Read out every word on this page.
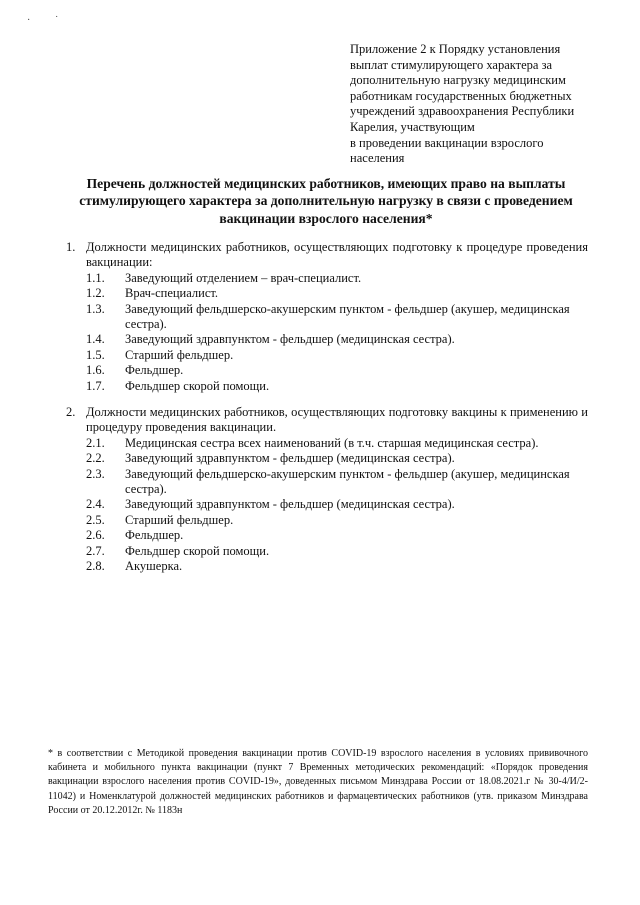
· ˙
Приложение 2 к Порядку установления
выплат стимулирующего характера за
дополнительную нагрузку медицинским
работникам государственных бюджетных
учреждений здравоохранения Республики
Карелия, участвующим
в проведении вакцинации взрослого
населения
Перечень должностей медицинских работников, имеющих право на выплаты
стимулирующего характера за дополнительную нагрузку в связи с проведением
вакцинации взрослого населения*
1. Должности медицинских работников, осуществляющих подготовку к процедуре проведения вакцинации:
1.1.	Заведующий отделением – врач-специалист.
1.2.	Врач-специалист.
1.3.	Заведующий фельдшерско-акушерским пунктом - фельдшер (акушер, медицинская сестра).
1.4.	Заведующий здравпунктом - фельдшер (медицинская сестра).
1.5.	Старший фельдшер.
1.6.	Фельдшер.
1.7.	Фельдшер скорой помощи.
2. Должности медицинских работников, осуществляющих подготовку вакцины к применению и процедуру проведения вакцинации.
2.1.	Медицинская сестра всех наименований (в т.ч. старшая медицинская сестра).
2.2.	Заведующий здравпунктом - фельдшер (медицинская сестра).
2.3.	Заведующий фельдшерско-акушерским пунктом - фельдшер (акушер, медицинская сестра).
2.4.	Заведующий здравпунктом - фельдшер (медицинская сестра).
2.5.	Старший фельдшер.
2.6.	Фельдшер.
2.7.	Фельдшер скорой помощи.
2.8.	Акушерка.
* в соответствии с Методикой проведения вакцинации против COVID-19 взрослого населения в условиях прививочного кабинета и мобильного пункта вакцинации (пункт 7 Временных методических рекомендаций: «Порядок проведения вакцинации взрослого населения против COVID-19», доведенных письмом Минздрава России от 18.08.2021.г № 30-4/И/2-11042) и Номенклатурой должностей медицинских работников и фармацевтических работников (утв. приказом Минздрава России от 20.12.2012г. № 1183н
